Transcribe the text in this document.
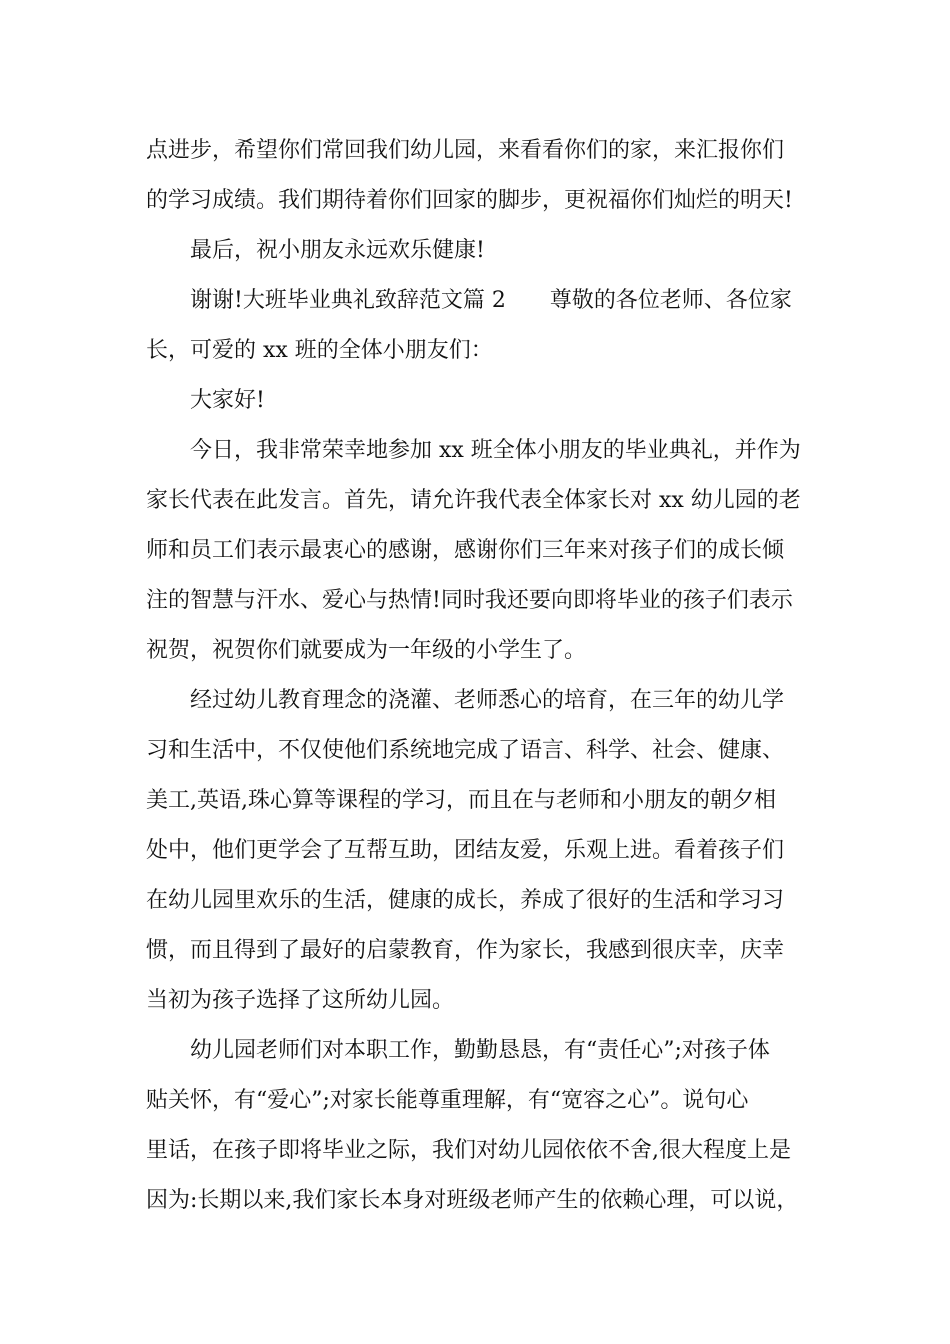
点进步，希望你们常回我们幼儿园，来看看你们的家，来汇报你们
的学习成绩。我们期待着你们回家的脚步，更祝福你们灿烂的明天!

最后，祝小朋友永远欢乐健康!

谢谢!大班毕业典礼致辞范文篇 2 尊敬的各位老师、各位家
长，可爱的 xx 班的全体小朋友们：

大家好!

今日，我非常荣幸地参加 xx 班全体小朋友的毕业典礼，并作为
家长代表在此发言。首先，请允许我代表全体家长对 xx 幼儿园的老
师和员工们表示最衷心的感谢，感谢你们三年来对孩子们的成长倾
注的智慧与汗水、爱心与热情!同时我还要向即将毕业的孩子们表示
祝贺，祝贺你们就要成为一年级的小学生了。

经过幼儿教育理念的浇灌、老师悉心的培育，在三年的幼儿学
习和生活中，不仅使他们系统地完成了语言、科学、社会、健康、
美工,英语,珠心算等课程的学习，而且在与老师和小朋友的朝夕相
处中，他们更学会了互帮互助，团结友爱，乐观上进。看着孩子们
在幼儿园里欢乐的生活，健康的成长，养成了很好的生活和学习习
惯，而且得到了最好的启蒙教育，作为家长，我感到很庆幸，庆幸
当初为孩子选择了这所幼儿园。

幼儿园老师们对本职工作，勤勤恳恳，有“责任心”;对孩子体
贴关怀，有“爱心”;对家长能尊重理解，有“宽容之心”。说句心
里话，在孩子即将毕业之际，我们对幼儿园依依不舍,很大程度上是
因为:长期以来,我们家长本身对班级老师产生的依赖心理，可以说，
